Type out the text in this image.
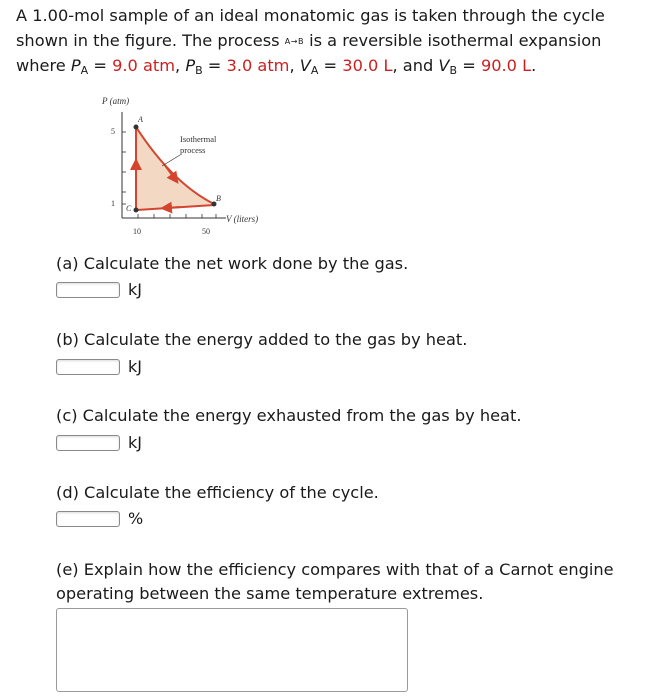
A 1.00-mol sample of an ideal monatomic gas is taken through the cycle
shown in the figure. The process A→B is a reversible isothermal expansion
where $P_A = 9.0$ atm, $P_B = 3.0$ atm, $V_A = 30.0$ L, and $V_B = 90.0$ L.
P (atm)
5
1
10	50
V (liters)
A
B
C
Isothermal
process
(a) Calculate the net work done by the gas.
kJ
(b) Calculate the energy added to the gas by heat.
kJ
(c) Calculate the energy exhausted from the gas by heat.
kJ
(d) Calculate the efficiency of the cycle.
%
(e) Explain how the efficiency compares with that of a Carnot engine
operating between the same temperature extremes.
